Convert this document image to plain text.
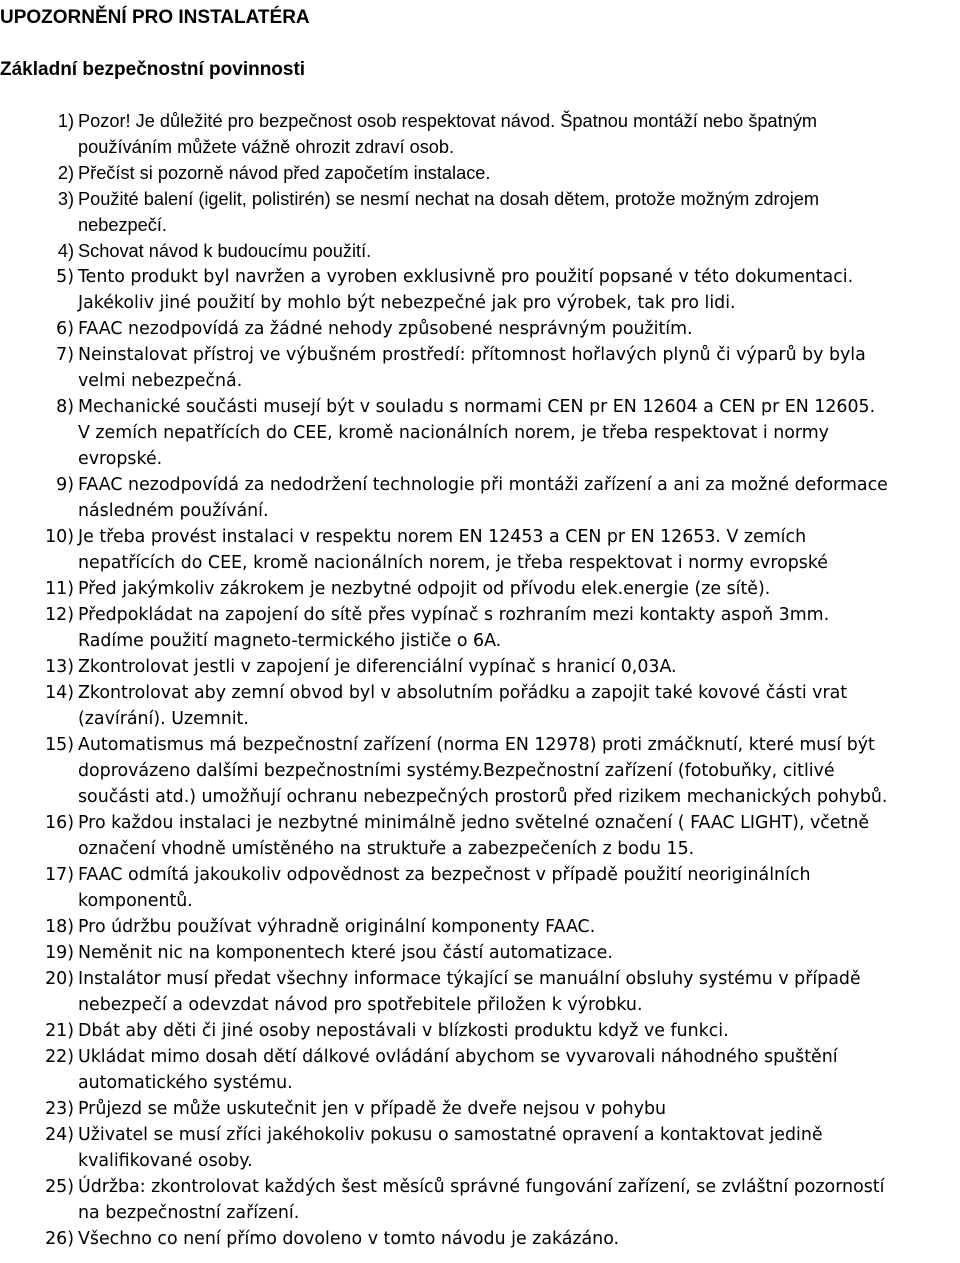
UPOZORNĚNÍ PRO INSTALATÉRA
Základní bezpečnostní povinnosti
1) Pozor! Je důležité pro bezpečnost osob respektovat návod. Špatnou montáží nebo špatným
používáním můžete vážně ohrozit zdraví osob.
2) Přečíst si pozorně návod před započetím instalace.
3) Použité balení (igelit, polistirén) se nesmí nechat na dosah dětem, protože možným zdrojem
nebezpečí.
4) Schovat návod k budoucímu použití.
5) Tento produkt byl navržen a vyroben exklusivně pro použití popsané v této dokumentaci.
Jakékoliv jiné použití by mohlo být nebezpečné jak pro výrobek, tak pro lidi.
6) FAAC nezodpovídá za žádné nehody způsobené nesprávným použitím.
7) Neinstalovat přístroj ve výbušném prostředí: přítomnost hořlavých plynů či výparů by byla
velmi nebezpečná.
8) Mechanické součásti musejí být v souladu s normami CEN pr EN 12604 a CEN pr EN 12605.
V zemích nepatřících do CEE, kromě nacionálních norem, je třeba respektovat i normy
evropské.
9) FAAC nezodpovídá za nedodržení technologie při montáži zařízení a ani za možné deformace
následném používání.
10) Je třeba provést instalaci v respektu norem EN 12453 a CEN pr EN 12653. V zemích
nepatřících do CEE, kromě nacionálních norem, je třeba respektovat i normy evropské
11) Před jakýmkoliv zákrokem je nezbytné odpojit od přívodu elek.energie (ze sítě).
12) Předpokládat na zapojení do sítě přes vypínač s rozhraním mezi kontakty aspoň 3mm.
Radíme použití magneto-termického jističe o 6A.
13) Zkontrolovat jestli v zapojení je diferenciální vypínač s hranicí 0,03A.
14) Zkontrolovat aby zemní obvod byl v absolutním pořádku a zapojit také kovové části vrat
(zavírání). Uzemnit.
15) Automatismus má bezpečnostní zařízení (norma EN 12978) proti zmáčknutí, které musí být
doprovázeno dalšími bezpečnostními systémy.Bezpečnostní zařízení (fotobuňky, citlivé
součásti atd.) umožňují ochranu nebezpečných prostorů před rizikem mechanických pohybů.
16) Pro každou instalaci je nezbytné minimálně jedno světelné označení ( FAAC LIGHT), včetně
označení vhodně umístěného na struktuře a zabezpečeních z bodu 15.
17) FAAC odmítá jakoukoliv odpovědnost za bezpečnost v případě použití neoriginálních
komponentů.
18) Pro údržbu používat výhradně originální komponenty FAAC.
19) Neměnit nic na komponentech které jsou částí automatizace.
20) Instalátor musí předat všechny informace týkající se manuální obsluhy systému v případě
nebezpečí a odevzdat návod pro spotřebitele přiložen k výrobku.
21) Dbát aby děti či jiné osoby nepostávali v blízkosti produktu když ve funkci.
22) Ukládat mimo dosah dětí dálkové ovládání abychom se vyvarovali náhodného spuštění
automatického systému.
23) Průjezd se může uskutečnit jen v případě že dveře nejsou v pohybu
24) Uživatel se musí zříci jakéhokoliv pokusu o samostatné opravení a kontaktovat jedině
kvalifikované osoby.
25) Údržba: zkontrolovat každých šest měsíců správné fungování zařízení, se zvláštní pozorností
na bezpečnostní zařízení.
26) Všechno co není přímo dovoleno v tomto návodu je zakázáno.
